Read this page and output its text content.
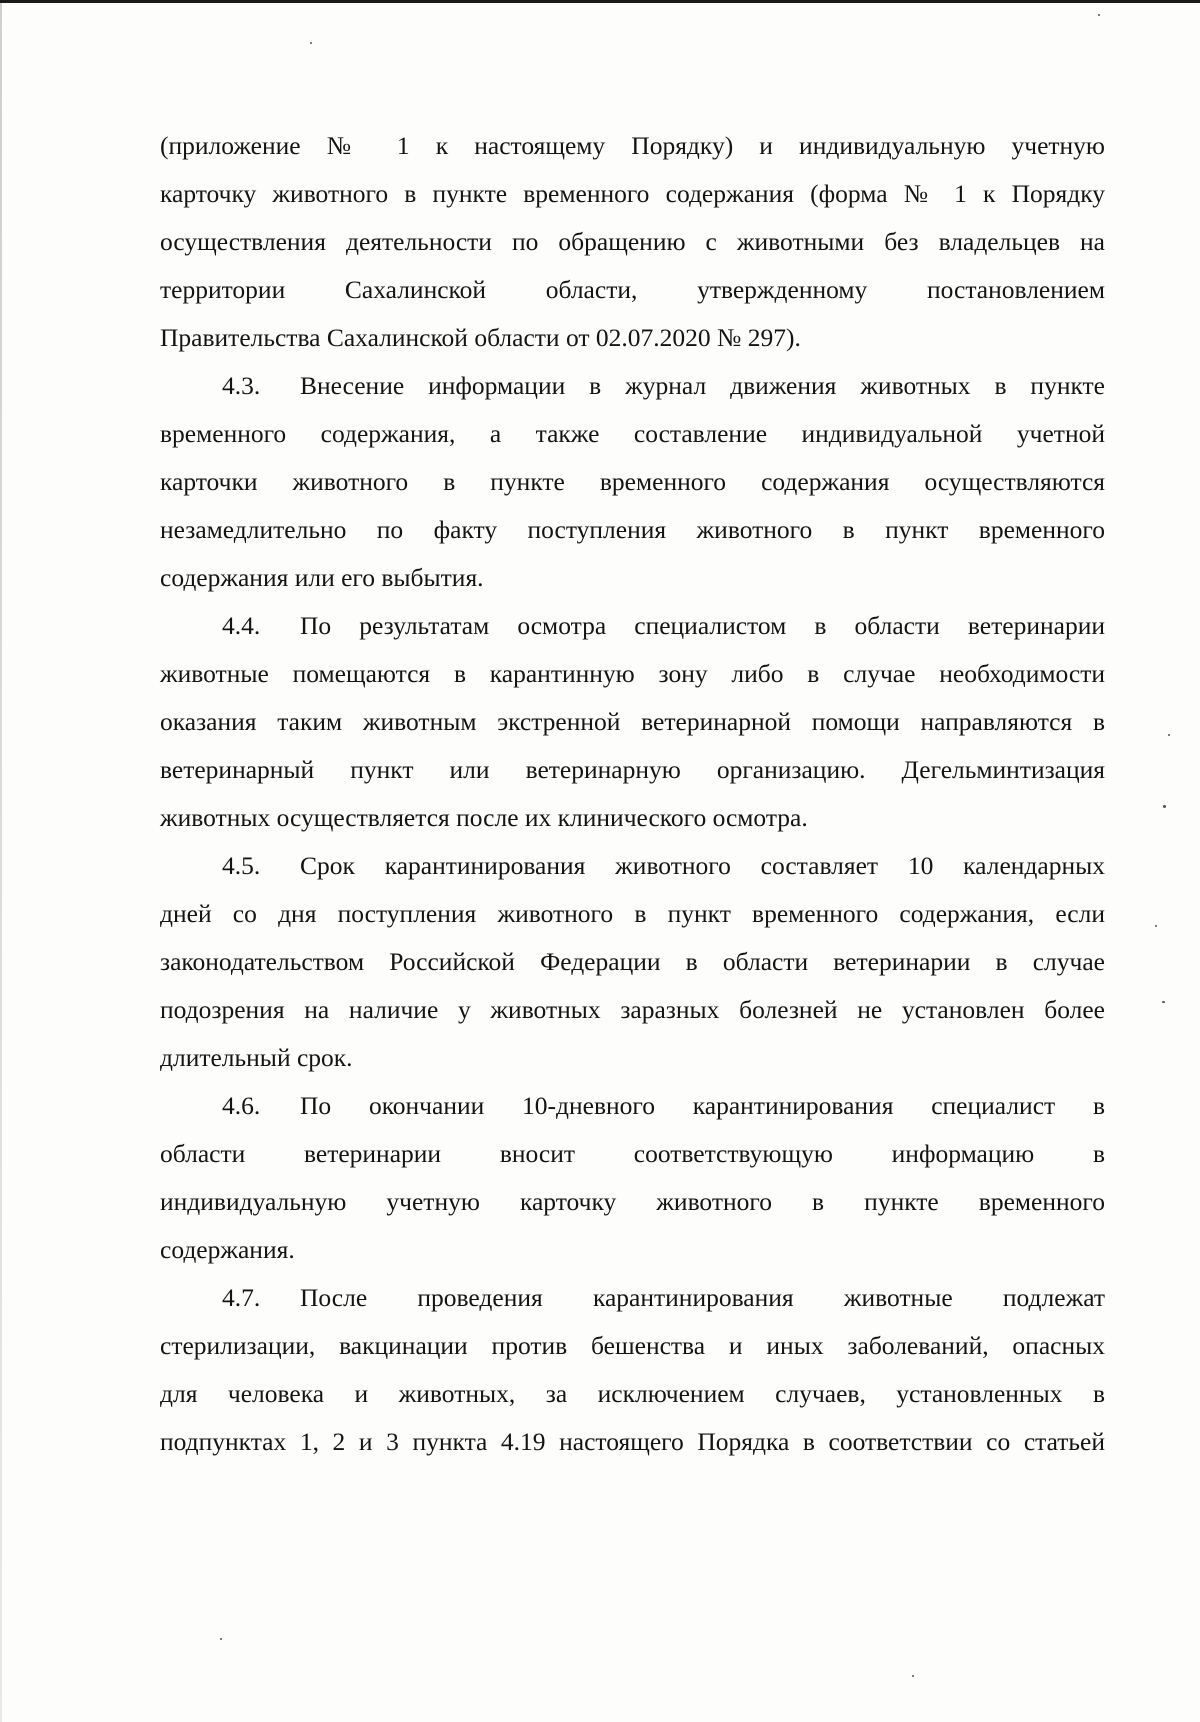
(приложение № 1 к настоящему Порядку) и индивидуальную учетную
карточку животного в пункте временного содержания (форма № 1 к Порядку
осуществления деятельности по обращению с животными без владельцев на
территории Сахалинской области, утвержденному постановлением
Правительства Сахалинской области от 02.07.2020 № 297).
4.3. Внесение информации в журнал движения животных в пункте
временного содержания, а также составление индивидуальной учетной
карточки животного в пункте временного содержания осуществляются
незамедлительно по факту поступления животного в пункт временного
содержания или его выбытия.
4.4. По результатам осмотра специалистом в области ветеринарии
животные помещаются в карантинную зону либо в случае необходимости
оказания таким животным экстренной ветеринарной помощи направляются в
ветеринарный пункт или ветеринарную организацию. Дегельминтизация
животных осуществляется после их клинического осмотра.
4.5. Срок карантинирования животного составляет 10 календарных
дней со дня поступления животного в пункт временного содержания, если
законодательством Российской Федерации в области ветеринарии в случае
подозрения на наличие у животных заразных болезней не установлен более
длительный срок.
4.6. По окончании 10-дневного карантинирования специалист в
области ветеринарии вносит соответствующую информацию в
индивидуальную учетную карточку животного в пункте временного
содержания.
4.7. После проведения карантинирования животные подлежат
стерилизации, вакцинации против бешенства и иных заболеваний, опасных
для человека и животных, за исключением случаев, установленных в
подпунктах 1, 2 и 3 пункта 4.19 настоящего Порядка в соответствии со статьей
